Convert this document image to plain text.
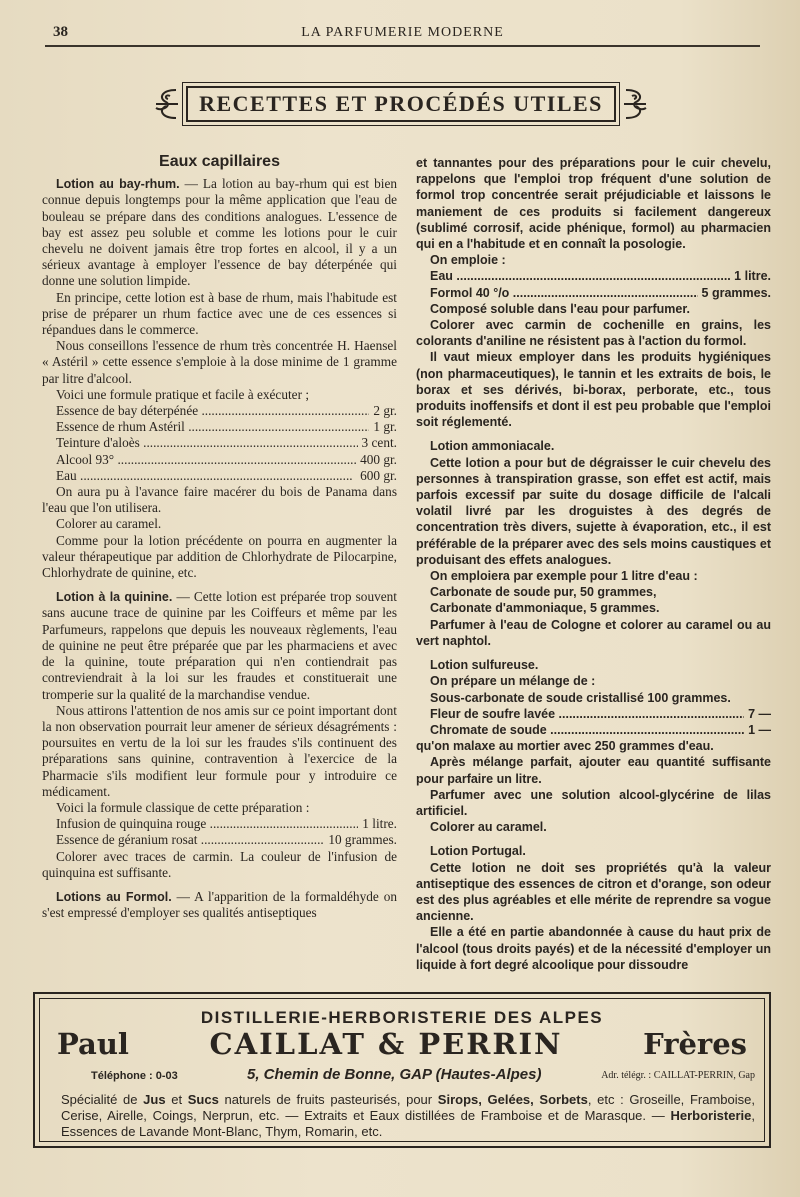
38	LA PARFUMERIE MODERNE
RECETTES ET PROCÉDÉS UTILES
Eaux capillaires

Lotion au bay-rhum. — La lotion au bay-rhum qui est bien connue depuis longtemps pour la même application que l'eau de bouleau se prépare dans des conditions analogues. L'essence de bay est assez peu soluble et comme les lotions pour le cuir chevelu ne doivent jamais être trop fortes en alcool, il y a un sérieux avantage à employer l'essence de bay déterpénée qui donne une solution limpide.

En principe, cette lotion est à base de rhum, mais l'habitude est prise de préparer un rhum factice avec une de ces essences si répandues dans le commerce.

Nous conseillons l'essence de rhum très concentrée H. Haensel « Astéril » cette essence s'emploie à la dose minime de 1 gramme par litre d'alcool.

Voici une formule pratique et facile à exécuter ;

Essence de bay déterpénée .....	2 gr.
Essence de rhum Astéril .....	1 gr.
Teinture d'aloès .....	3 cent.
Alcool 93° .....	400 gr.
Eau .....	600 gr.

On aura pu à l'avance faire macérer du bois de Panama dans l'eau que l'on utilisera.

Colorer au caramel.

Comme pour la lotion précédente on pourra en augmenter la valeur thérapeutique par addition de Chlorhydrate de Pilocarpine, Chlorhydrate de quinine, etc.

Lotion à la quinine. — Cette lotion est préparée trop souvent sans aucune trace de quinine par les Coiffeurs et même par les Parfumeurs, rappelons que depuis les nouveaux règlements, l'eau de quinine ne peut être préparée que par les pharmaciens et avec de la quinine, toute préparation qui n'en contiendrait pas contreviendrait à la loi sur les fraudes et constituerait une tromperie sur la qualité de la marchandise vendue.

Nous attirons l'attention de nos amis sur ce point important dont la non observation pourrait leur amener de sérieux désagréments : poursuites en vertu de la loi sur les fraudes s'ils continuent des préparations sans quinine, contravention à l'exercice de la Pharmacie s'ils modifient leur formule pour y introduire ce médicament.

Voici la formule classique de cette préparation :

Infusion de quinquina rouge .....	1 litre.
Essence de géranium rosat .....	10 grammes.

Colorer avec traces de carmin. La couleur de l'infusion de quinquina est suffisante.

Lotions au Formol. — A l'apparition de la formaldéhyde on s'est empressé d'employer ses qualités antiseptiques

et tannantes pour des préparations pour le cuir chevelu, rappelons que l'emploi trop fréquent d'une solution de formol trop concentrée serait préjudiciable et laissons le maniement de ces produits si facilement dangereux (sublimé corrosif, acide phénique, formol) au pharmacien qui en a l'habitude et en connaît la posologie.

On emploie :

Eau .....	1 litre.
Formol 40 °/o .....	5 grammes.

Composé soluble dans l'eau pour parfumer.

Colorer avec carmin de cochenille en grains, les colorants d'aniline ne résistent pas à l'action du formol.

Il vaut mieux employer dans les produits hygiéniques (non pharmaceutiques), le tannin et les extraits de bois, le borax et ses dérivés, bi-borax, perborate, etc., tous produits inoffensifs et dont il est peu probable que l'emploi soit réglementé.

Lotion ammoniacale.

Cette lotion a pour but de dégraisser le cuir chevelu des personnes à transpiration grasse, son effet est actif, mais parfois excessif par suite du dosage difficile de l'alcali volatil livré par les droguistes à des degrés de concentration très divers, sujette à évaporation, etc., il est préférable de la préparer avec des sels moins caustiques et produisant des effets analogues.

On emploiera par exemple pour 1 litre d'eau :

Carbonate de soude pur, 50 grammes,

Carbonate d'ammoniaque, 5 grammes.

Parfumer à l'eau de Cologne et colorer au caramel ou au vert naphtol.

Lotion sulfureuse.

On prépare un mélange de :

Sous-carbonate de soude cristallisé 100 grammes.

Fleur de soufre lavée .....	7 —
Chromate de soude .....	1 —

qu'on malaxe au mortier avec 250 grammes d'eau.

Après mélange parfait, ajouter eau quantité suffisante pour parfaire un litre.

Parfumer avec une solution alcool-glycérine de lilas artificiel.

Colorer au caramel.

Lotion Portugal.

Cette lotion ne doit ses propriétés qu'à la valeur antiseptique des essences de citron et d'orange, son odeur est des plus agréables et elle mérite de reprendre sa vogue ancienne.

Elle a été en partie abandonnée à cause du haut prix de l'alcool (tous droits payés) et de la nécessité d'employer un liquide à fort degré alcoolique pour dissoudre

DISTILLERIE-HERBORISTERIE DES ALPES
Paul	CAILLAT & PERRIN	Frères
Téléphone : 0-03	5, Chemin de Bonne, GAP (Hautes-Alpes)	Adr. télégr. : CAILLAT-PERRIN, Gap
Spécialité de Jus et Sucs naturels de fruits pasteurisés, pour Sirops, Gelées, Sorbets, etc : Groseille, Framboise, Cerise, Airelle, Coings, Nerprun, etc. — Extraits et Eaux distillées de Framboise et de Marasque. — Herboristerie, Essences de Lavande Mont-Blanc, Thym, Romarin, etc.
